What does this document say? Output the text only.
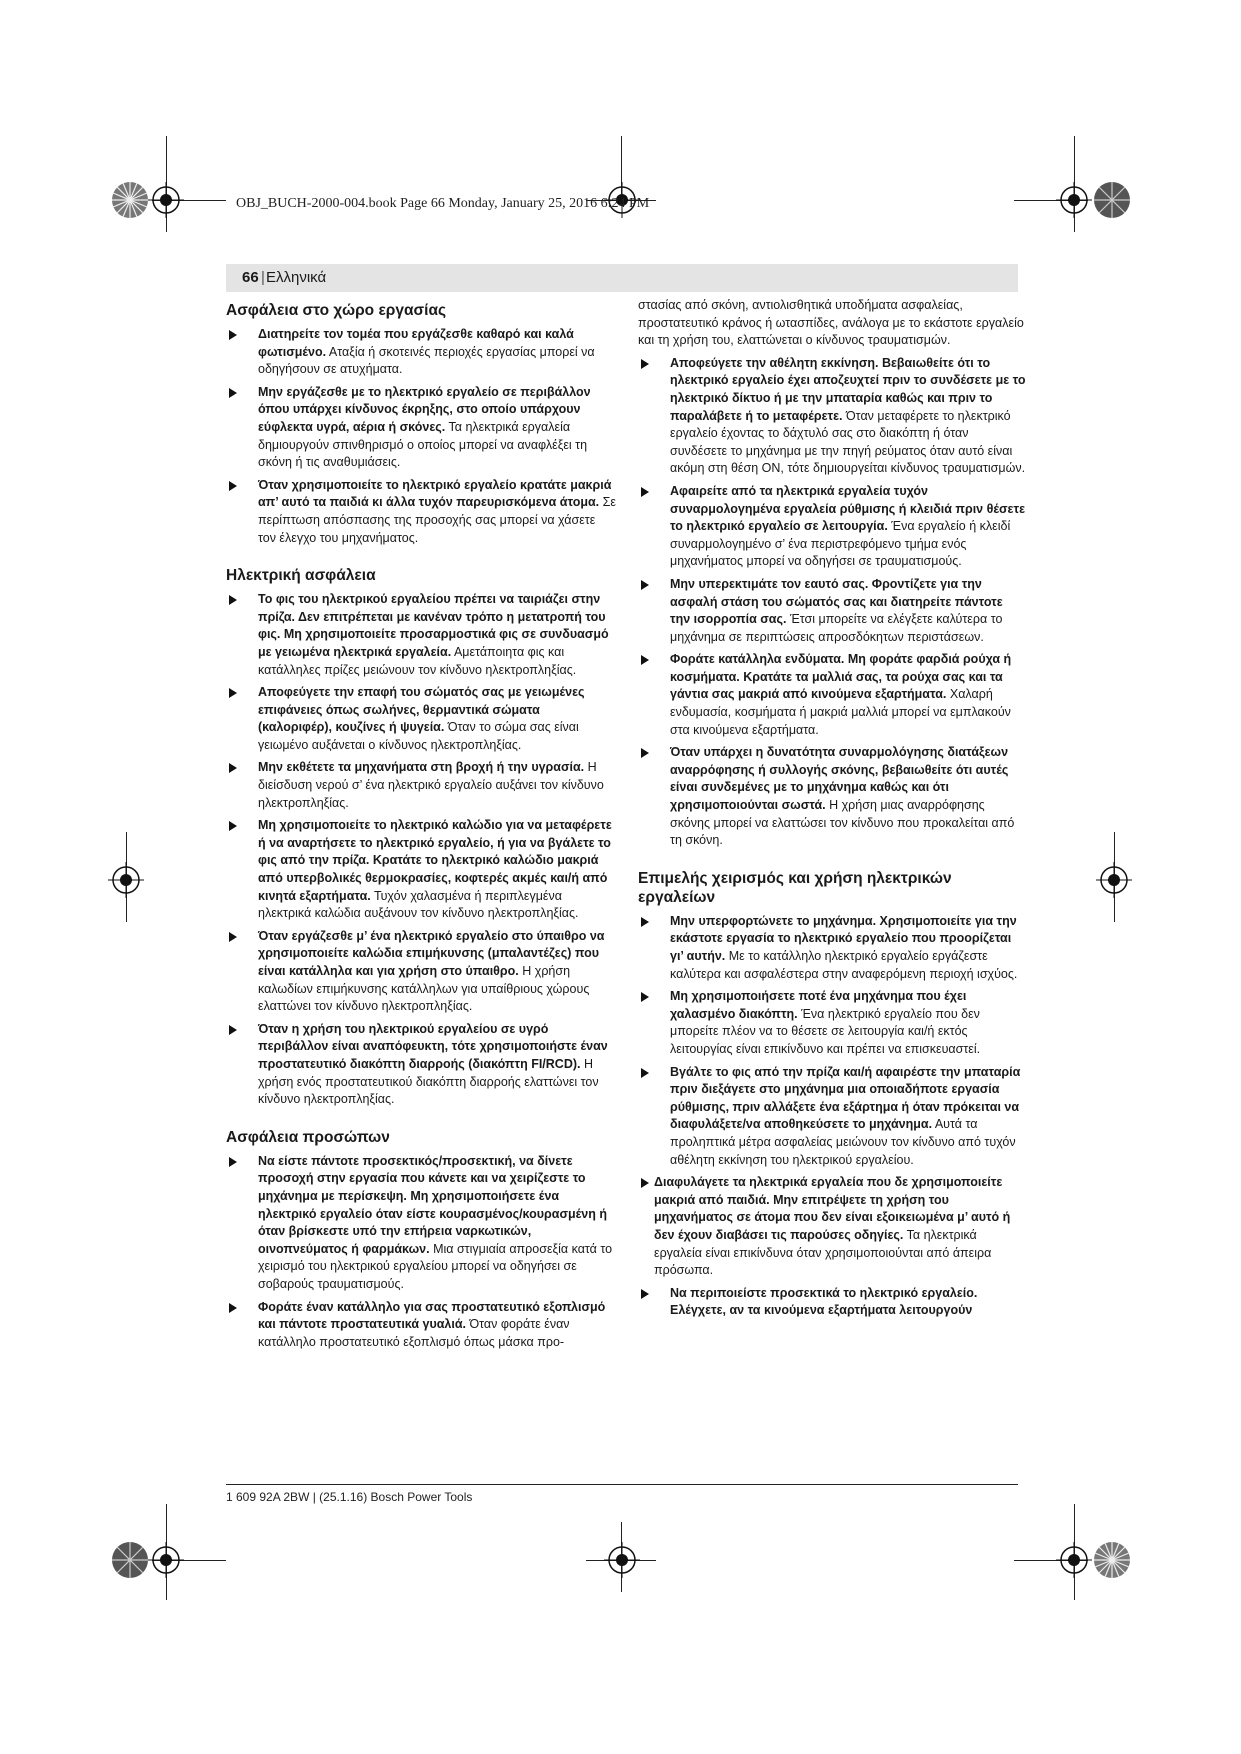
OBJ_BUCH-2000-004.book Page 66 Monday, January 25, 2016 6:24 PM
66 | Ελληνικά
Ασφάλεια στο χώρο εργασίας
Διατηρείτε τον τομέα που εργάζεσθε καθαρό και καλά φωτισμένο. Αταξία ή σκοτεινές περιοχές εργασίας μπορεί να οδηγήσουν σε ατυχήματα.
Μην εργάζεσθε με το ηλεκτρικό εργαλείο σε περιβάλλον όπου υπάρχει κίνδυνος έκρηξης, στο οποίο υπάρχουν εύφλεκτα υγρά, αέρια ή σκόνες. Τα ηλεκτρικά εργαλεία δημιουργούν σπινθηρισμό ο οποίος μπορεί να αναφλέξει τη σκόνη ή τις αναθυμιάσεις.
Όταν χρησιμοποιείτε το ηλεκτρικό εργαλείο κρατάτε μακριά απ’ αυτό τα παιδιά κι άλλα τυχόν παρευρισκόμενα άτομα. Σε περίπτωση απόσπασης της προσοχής σας μπορεί να χάσετε τον έλεγχο του μηχανήματος.
Ηλεκτρική ασφάλεια
Το φις του ηλεκτρικού εργαλείου πρέπει να ταιριάζει στην πρίζα. Δεν επιτρέπεται με κανέναν τρόπο η μετατροπή του φις. Μη χρησιμοποιείτε προσαρμοστικά φις σε συνδυασμό με γειωμένα ηλεκτρικά εργαλεία. Αμετάποιητα φις και κατάλληλες πρίζες μειώνουν τον κίνδυνο ηλεκτροπληξίας.
Αποφεύγετε την επαφή του σώματός σας με γειωμένες επιφάνειες όπως σωλήνες, θερμαντικά σώματα (καλοριφέρ), κουζίνες ή ψυγεία. Όταν το σώμα σας είναι γειωμένο αυξάνεται ο κίνδυνος ηλεκτροπληξίας.
Μην εκθέτετε τα μηχανήματα στη βροχή ή την υγρασία. Η διείσδυση νερού σ’ ένα ηλεκτρικό εργαλείο αυξάνει τον κίνδυνο ηλεκτροπληξίας.
Μη χρησιμοποιείτε το ηλεκτρικό καλώδιο για να μεταφέρετε ή να αναρτήσετε το ηλεκτρικό εργαλείο, ή για να βγάλετε το φις από την πρίζα. Κρατάτε το ηλεκτρικό καλώδιο μακριά από υπερβολικές θερμοκρασίες, κοφτερές ακμές και/ή από κινητά εξαρτήματα. Τυχόν χαλασμένα ή περιπλεγμένα ηλεκτρικά καλώδια αυξάνουν τον κίνδυνο ηλεκτροπληξίας.
Όταν εργάζεσθε μ’ ένα ηλεκτρικό εργαλείο στο ύπαιθρο να χρησιμοποιείτε καλώδια επιμήκυνσης (μπαλαντέζες) που είναι κατάλληλα και για χρήση στο ύπαιθρο. Η χρήση καλωδίων επιμήκυνσης κατάλληλων για υπαίθριους χώρους ελαττώνει τον κίνδυνο ηλεκτροπληξίας.
Όταν η χρήση του ηλεκτρικού εργαλείου σε υγρό περιβάλλον είναι αναπόφευκτη, τότε χρησιμοποιήστε έναν προστατευτικό διακόπτη διαρροής (διακόπτη FI/RCD). Η χρήση ενός προστατευτικού διακόπτη διαρροής ελαττώνει τον κίνδυνο ηλεκτροπληξίας.
Ασφάλεια προσώπων
Να είστε πάντοτε προσεκτικός/προσεκτική, να δίνετε προσοχή στην εργασία που κάνετε και να χειρίζεστε το μηχάνημα με περίσκεψη. Μη χρησιμοποιήσετε ένα ηλεκτρικό εργαλείο όταν είστε κουρασμένος/κουρασμένη ή όταν βρίσκεστε υπό την επήρεια ναρκωτικών, οινοπνεύματος ή φαρμάκων. Μια στιγμιαία απροσεξία κατά το χειρισμό του ηλεκτρικού εργαλείου μπορεί να οδηγήσει σε σοβαρούς τραυματισμούς.
Φοράτε έναν κατάλληλο για σας προστατευτικό εξοπλισμό και πάντοτε προστατευτικά γυαλιά. Όταν φοράτε έναν κατάλληλο προστατευτικό εξοπλισμό όπως μάσκα προ-
στασίας από σκόνη, αντιολισθητικά υποδήματα ασφαλείας, προστατευτικό κράνος ή ωτασπίδες, ανάλογα με το εκάστοτε εργαλείο και τη χρήση του, ελαττώνεται ο κίνδυνος τραυματισμών.
Αποφεύγετε την αθέλητη εκκίνηση. Βεβαιωθείτε ότι το ηλεκτρικό εργαλείο έχει αποζευχτεί πριν το συνδέσετε με το ηλεκτρικό δίκτυο ή με την μπαταρία καθώς και πριν το παραλάβετε ή το μεταφέρετε. Όταν μεταφέρετε το ηλεκτρικό εργαλείο έχοντας το δάχτυλό σας στο διακόπτη ή όταν συνδέσετε το μηχάνημα με την πηγή ρεύματος όταν αυτό είναι ακόμη στη θέση ON, τότε δημιουργείται κίνδυνος τραυματισμών.
Αφαιρείτε από τα ηλεκτρικά εργαλεία τυχόν συναρμολογημένα εργαλεία ρύθμισης ή κλειδιά πριν θέσετε το ηλεκτρικό εργαλείο σε λειτουργία. Ένα εργαλείο ή κλειδί συναρμολογημένο σ’ ένα περιστρεφόμενο τμήμα ενός μηχανήματος μπορεί να οδηγήσει σε τραυματισμούς.
Μην υπερεκτιμάτε τον εαυτό σας. Φροντίζετε για την ασφαλή στάση του σώματός σας και διατηρείτε πάντοτε την ισορροπία σας. Έτσι μπορείτε να ελέγξετε καλύτερα το μηχάνημα σε περιπτώσεις απροσδόκητων περιστάσεων.
Φοράτε κατάλληλα ενδύματα. Μη φοράτε φαρδιά ρούχα ή κοσμήματα. Κρατάτε τα μαλλιά σας, τα ρούχα σας και τα γάντια σας μακριά από κινούμενα εξαρτήματα. Χαλαρή ενδυμασία, κοσμήματα ή μακριά μαλλιά μπορεί να εμπλακούν στα κινούμενα εξαρτήματα.
Όταν υπάρχει η δυνατότητα συναρμολόγησης διατάξεων αναρρόφησης ή συλλογής σκόνης, βεβαιωθείτε ότι αυτές είναι συνδεμένες με το μηχάνημα καθώς και ότι χρησιμοποιούνται σωστά. Η χρήση μιας αναρρόφησης σκόνης μπορεί να ελαττώσει τον κίνδυνο που προκαλείται από τη σκόνη.
Επιμελής χειρισμός και χρήση ηλεκτρικών εργαλείων
Μην υπερφορτώνετε το μηχάνημα. Χρησιμοποιείτε για την εκάστοτε εργασία το ηλεκτρικό εργαλείο που προορίζεται γι’ αυτήν. Με το κατάλληλο ηλεκτρικό εργαλείο εργάζεστε καλύτερα και ασφαλέστερα στην αναφερόμενη περιοχή ισχύος.
Μη χρησιμοποιήσετε ποτέ ένα μηχάνημα που έχει χαλασμένο διακόπτη. Ένα ηλεκτρικό εργαλείο που δεν μπορείτε πλέον να το θέσετε σε λειτουργία και/ή εκτός λειτουργίας είναι επικίνδυνο και πρέπει να επισκευαστεί.
Βγάλτε το φις από την πρίζα και/ή αφαιρέστε την μπαταρία πριν διεξάγετε στο μηχάνημα μια οποιαδήποτε εργασία ρύθμισης, πριν αλλάξετε ένα εξάρτημα ή όταν πρόκειται να διαφυλάξετε/να αποθηκεύσετε το μηχάνημα. Αυτά τα προληπτικά μέτρα ασφαλείας μειώνουν τον κίνδυνο από τυχόν αθέλητη εκκίνηση του ηλεκτρικού εργαλείου.
Διαφυλάγετε τα ηλεκτρικά εργαλεία που δε χρησιμοποιείτε μακριά από παιδιά. Μην επιτρέψετε τη χρήση του μηχανήματος σε άτομα που δεν είναι εξοικειωμένα μ’ αυτό ή δεν έχουν διαβάσει τις παρούσες οδηγίες. Τα ηλεκτρικά εργαλεία είναι επικίνδυνα όταν χρησιμοποιούνται από άπειρα πρόσωπα.
Να περιποιείστε προσεκτικά το ηλεκτρικό εργαλείο. Ελέγχετε, αν τα κινούμενα εξαρτήματα λειτουργούν
1 609 92A 2BW | (25.1.16) Bosch Power Tools
